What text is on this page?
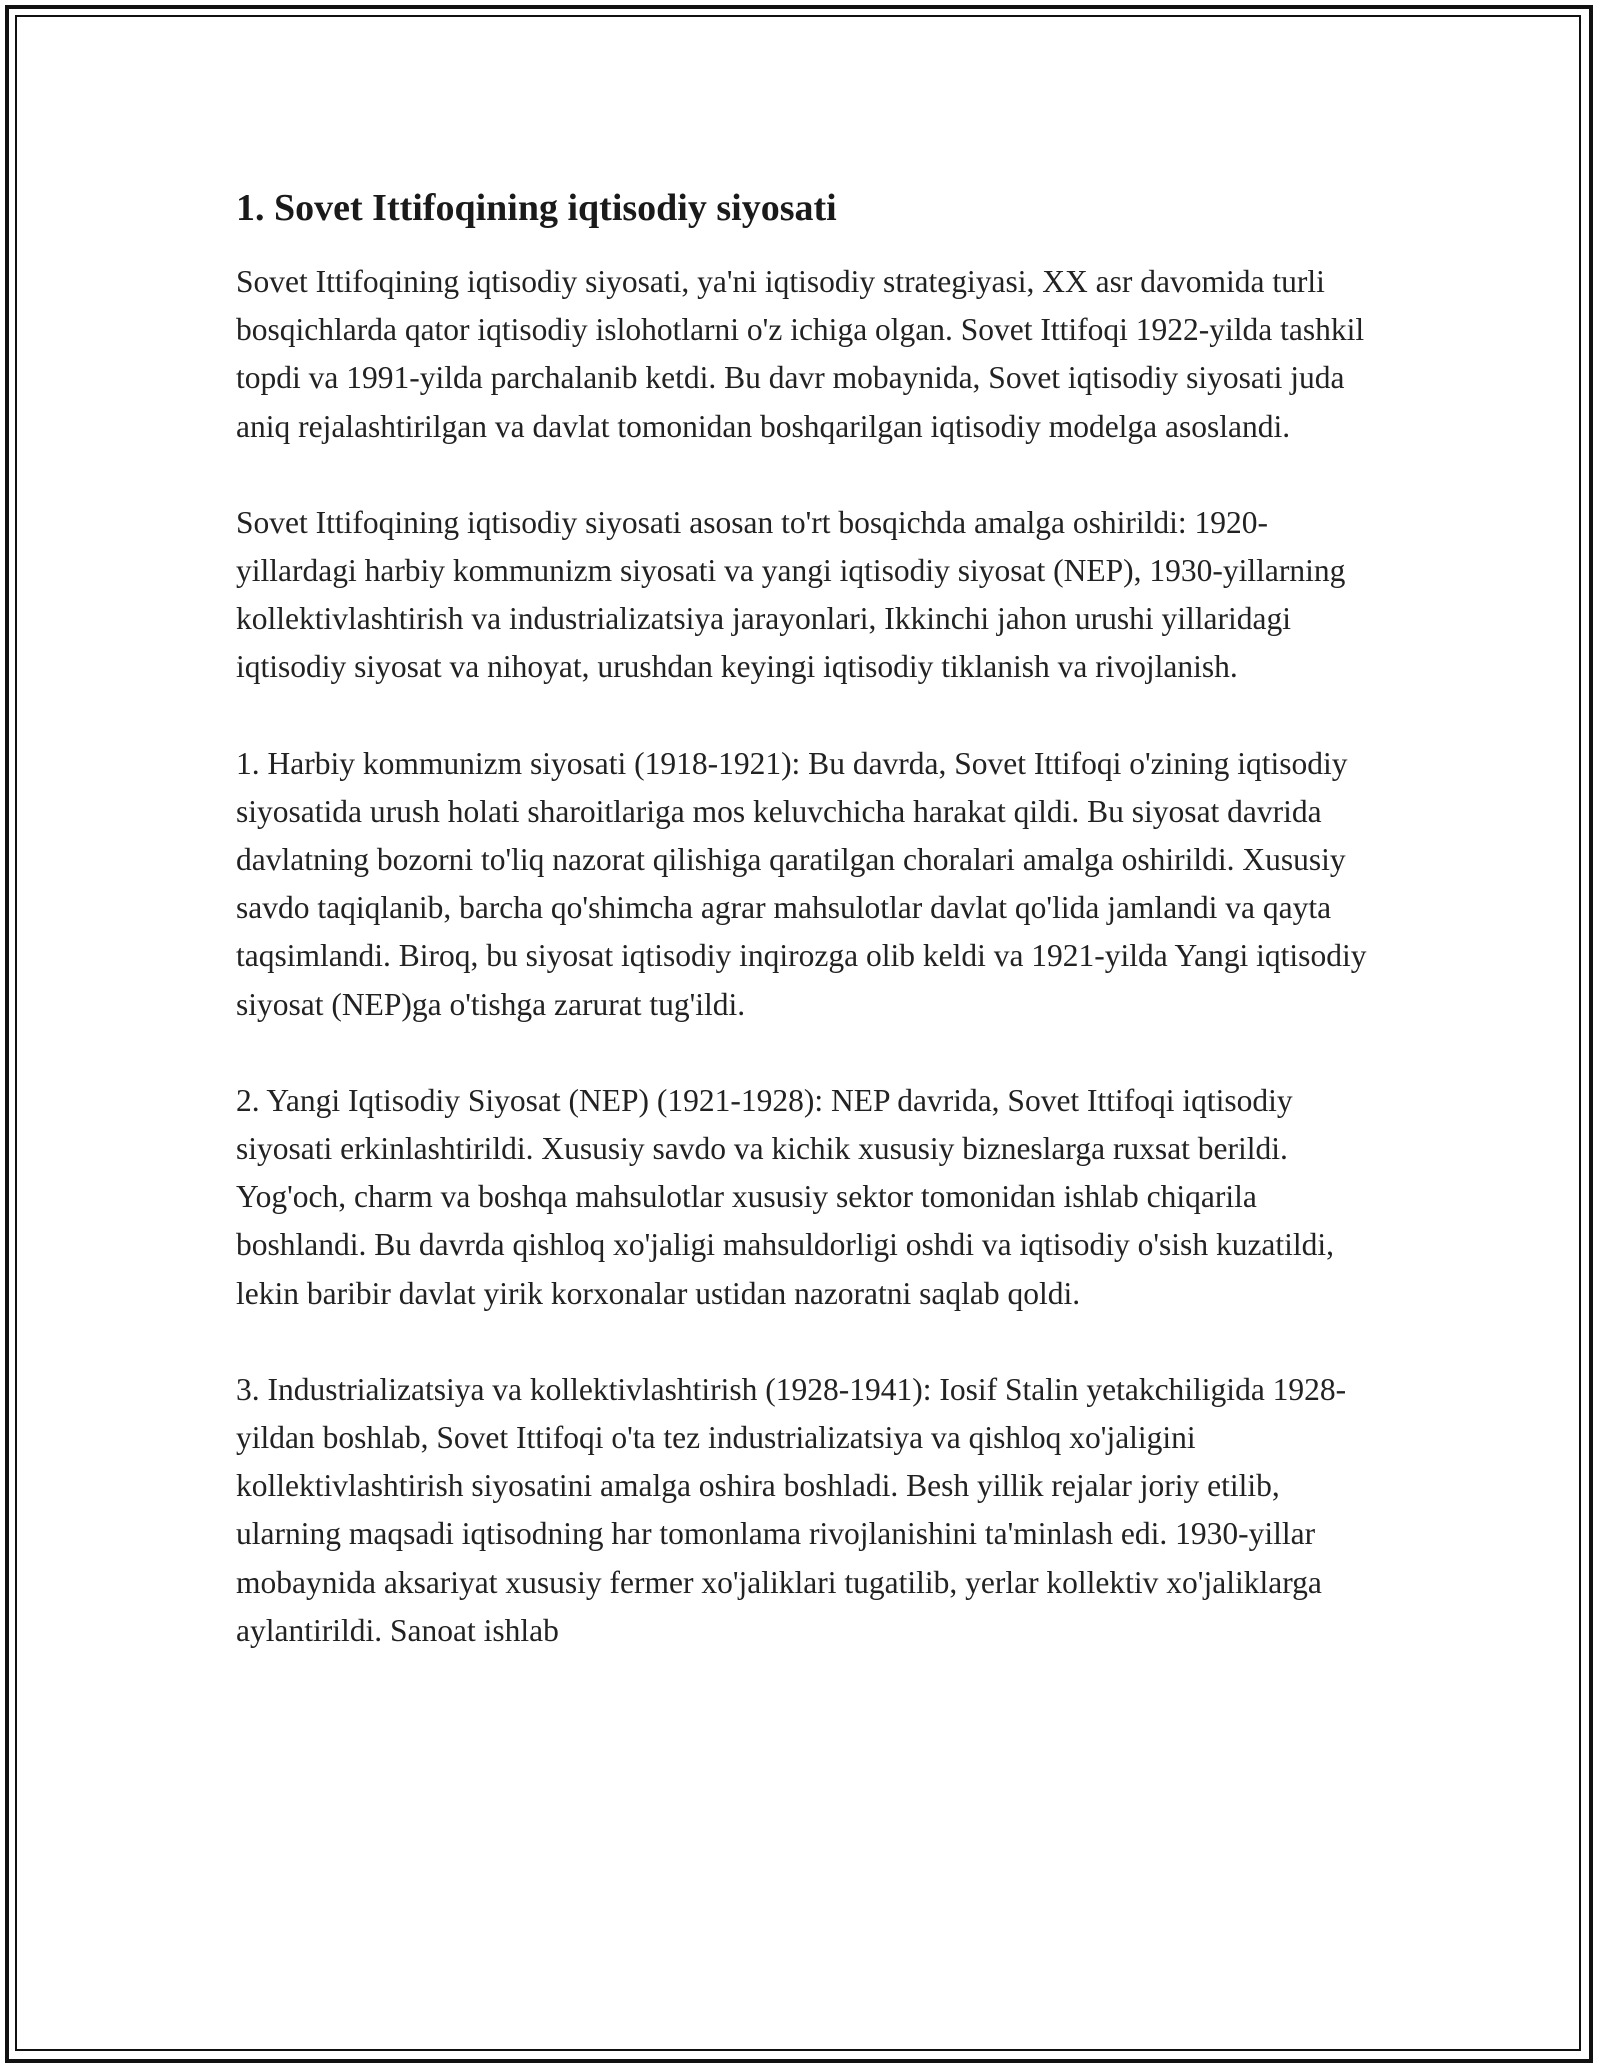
1. Sovet Ittifoqining iqtisodiy siyosati

Sovet Ittifoqining iqtisodiy siyosati, ya'ni iqtisodiy strategiyasi, XX asr davomida turli bosqichlarda qator iqtisodiy islohotlarni o'z ichiga olgan. Sovet Ittifoqi 1922-yilda tashkil topdi va 1991-yilda parchalanib ketdi. Bu davr mobaynida, Sovet iqtisodiy siyosati juda aniq rejalashtirilgan va davlat tomonidan boshqarilgan iqtisodiy modelga asoslandi.

Sovet Ittifoqining iqtisodiy siyosati asosan to'rt bosqichda amalga oshirildi: 1920-yillardagi harbiy kommunizm siyosati va yangi iqtisodiy siyosat (NEP), 1930-yillarning kollektivlashtirish va industrializatsiya jarayonlari, Ikkinchi jahon urushi yillaridagi iqtisodiy siyosat va nihoyat, urushdan keyingi iqtisodiy tiklanish va rivojlanish.

1. Harbiy kommunizm siyosati (1918-1921): Bu davrda, Sovet Ittifoqi o'zining iqtisodiy siyosatida urush holati sharoitlariga mos keluvchicha harakat qildi. Bu siyosat davrida davlatning bozorni to'liq nazorat qilishiga qaratilgan choralari amalga oshirildi. Xususiy savdo taqiqlanib, barcha qo'shimcha agrar mahsulotlar davlat qo'lida jamlandi va qayta taqsimlandi. Biroq, bu siyosat iqtisodiy inqirozga olib keldi va 1921-yilda Yangi iqtisodiy siyosat (NEP)ga o'tishga zarurat tug'ildi.

2. Yangi Iqtisodiy Siyosat (NEP) (1921-1928): NEP davrida, Sovet Ittifoqi iqtisodiy siyosati erkinlashtirildi. Xususiy savdo va kichik xususiy bizneslarga ruxsat berildi. Yog'och, charm va boshqa mahsulotlar xususiy sektor tomonidan ishlab chiqarila boshlandi. Bu davrda qishloq xo'jaligi mahsuldorligi oshdi va iqtisodiy o'sish kuzatildi, lekin baribir davlat yirik korxonalar ustidan nazoratni saqlab qoldi.

3. Industrializatsiya va kollektivlashtirish (1928-1941): Iosif Stalin yetakchiligida 1928-yildan boshlab, Sovet Ittifoqi o'ta tez industrializatsiya va qishloq xo'jaligini kollektivlashtirish siyosatini amalga oshira boshladi. Besh yillik rejalar joriy etilib, ularning maqsadi iqtisodning har tomonlama rivojlanishini ta'minlash edi. 1930-yillar mobaynida aksariyat xususiy fermer xo'jaliklari tugatilib, yerlar kollektiv xo'jaliklarga aylantirildi. Sanoat ishlab
